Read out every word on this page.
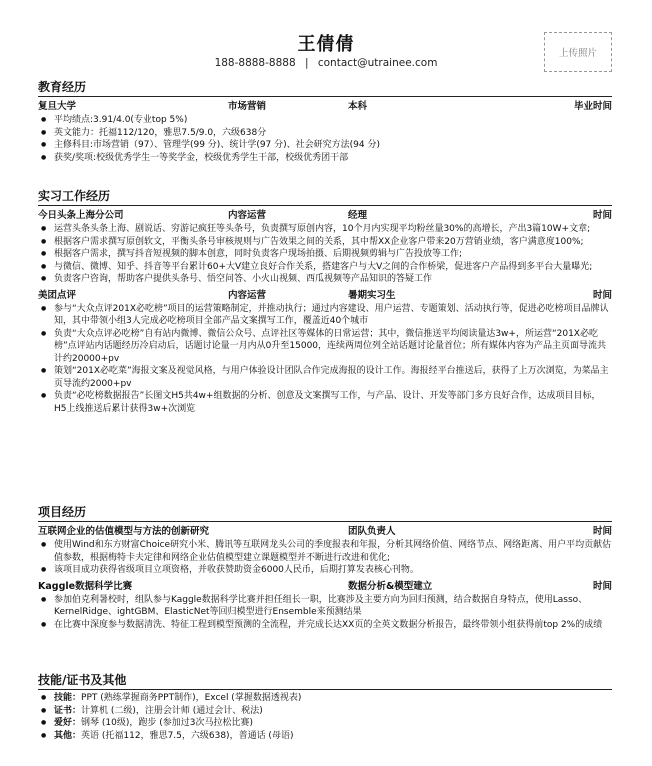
王倩倩
188-8888-8888 | contact@utrainee.com
上传照片
教育经历
复旦大学	市场营销	本科	毕业时间
● 平均绩点:3.91/4.0(专业top 5%)
● 英文能力：托福112/120，雅思7.5/9.0，六级638分
● 主修科目:市场营销（97）、管理学(99 分)、统计学(97 分)、社会研究方法(94 分)
● 获奖/奖项:校级优秀学生一等奖学金，校级优秀学生干部，校级优秀团干部
实习工作经历
今日头条上海分公司	内容运营	经理	时间
● 运营头条头条上海、剧说话、穷游记疯狂等头条号，负责撰写原创内容，10个月内实现平均粉丝量30%的高增长，产出3篇10W+文章;
● 根据客户需求撰写原创软文，平衡头条号审核规则与广告效果之间的关系，其中帮XX企业客户带来20万营销业绩，客户满意度100%;
● 根据客户需求，撰写抖音短视频的脚本创意，同时负责客户现场拍摄、后期视频剪辑与广告投放等工作;
● 与微信、微博、知乎、抖音等平台累计60+大V建立良好合作关系，搭建客户与大V之间的合作桥梁，促进客户产品得到多平台大量曝光;
● 负责客户咨询，帮助客户提供头条号、悟空问答、小火山视频、西瓜视频等产品知识的答疑工作
美团点评	内容运营	暑期实习生	时间
● 参与“大众点评201X必吃榜”项目的运营策略制定，并推动执行；通过内容建设、用户运营、专题策划、活动执行等，促进必吃榜项目品牌认知，其中带领小组3人完成必吃榜项目全部产品文案撰写工作，覆盖近40个城市
● 负责“大众点评必吃榜”自有站内微博、微信公众号、点评社区等媒体的日常运营；其中，微信推送平均阅读量达3w+，所运营“201X必吃榜”点评站内话题经历冷启动后，话题讨论量一月内从0升至15000，连续两周位列全站话题讨论量首位；所有媒体内容为产品主页面导流共计约20000+pv
● 策划“201X必吃菜”海报文案及视觉风格，与用户体验设计团队合作完成海报的设计工作。海报经平台推送后，获得了上万次浏览，为菜品主页导流约2000+pv
● 负责“必吃榜数据报告”长图文H5共4w+组数据的分析、创意及文案撰写工作，与产品、设计、开发等部门多方良好合作，达成项目目标，H5上线推送后累计获得3w+次浏览
项目经历
互联网企业的估值模型与方法的创新研究	团队负责人	时间
● 使用Wind和东方财富Choice研究小米、腾讯等互联网龙头公司的季度报表和年报，分析其网络价值、网络节点、网络距离、用户平均贡献估值参数，根据梅特卡夫定律和网络企业估值模型建立课题模型并不断进行改进和优化;
● 该项目成功获得省级项目立项资格，并收获赞助资金6000人民币，后期打算发表核心刊物。
Kaggle数据科学比赛	数据分析&模型建立	时间
● 参加伯克利暑校时，组队参与Kaggle数据科学比赛并担任组长一职，比赛涉及主要方向为回归预测，结合数据自身特点，使用Lasso、KernelRidge、ightGBM、ElasticNet等回归模型进行Ensemble来预测结果
● 在比赛中深度参与数据清洗、特征工程到模型预测的全流程，并完成长达XX页的全英文数据分析报告，最终带领小组获得前top 2%的成绩
技能/证书及其他
● 技能：PPT (熟练掌握商务PPT制作)，Excel (掌握数据透视表)
● 证书：计算机 (二级)，注册会计师 (通过会计、税法)
● 爱好：钢琴 (10级)，跑步 (参加过3次马拉松比赛)
● 其他：英语 (托福112，雅思7.5，六级638)，普通话 (母语)
